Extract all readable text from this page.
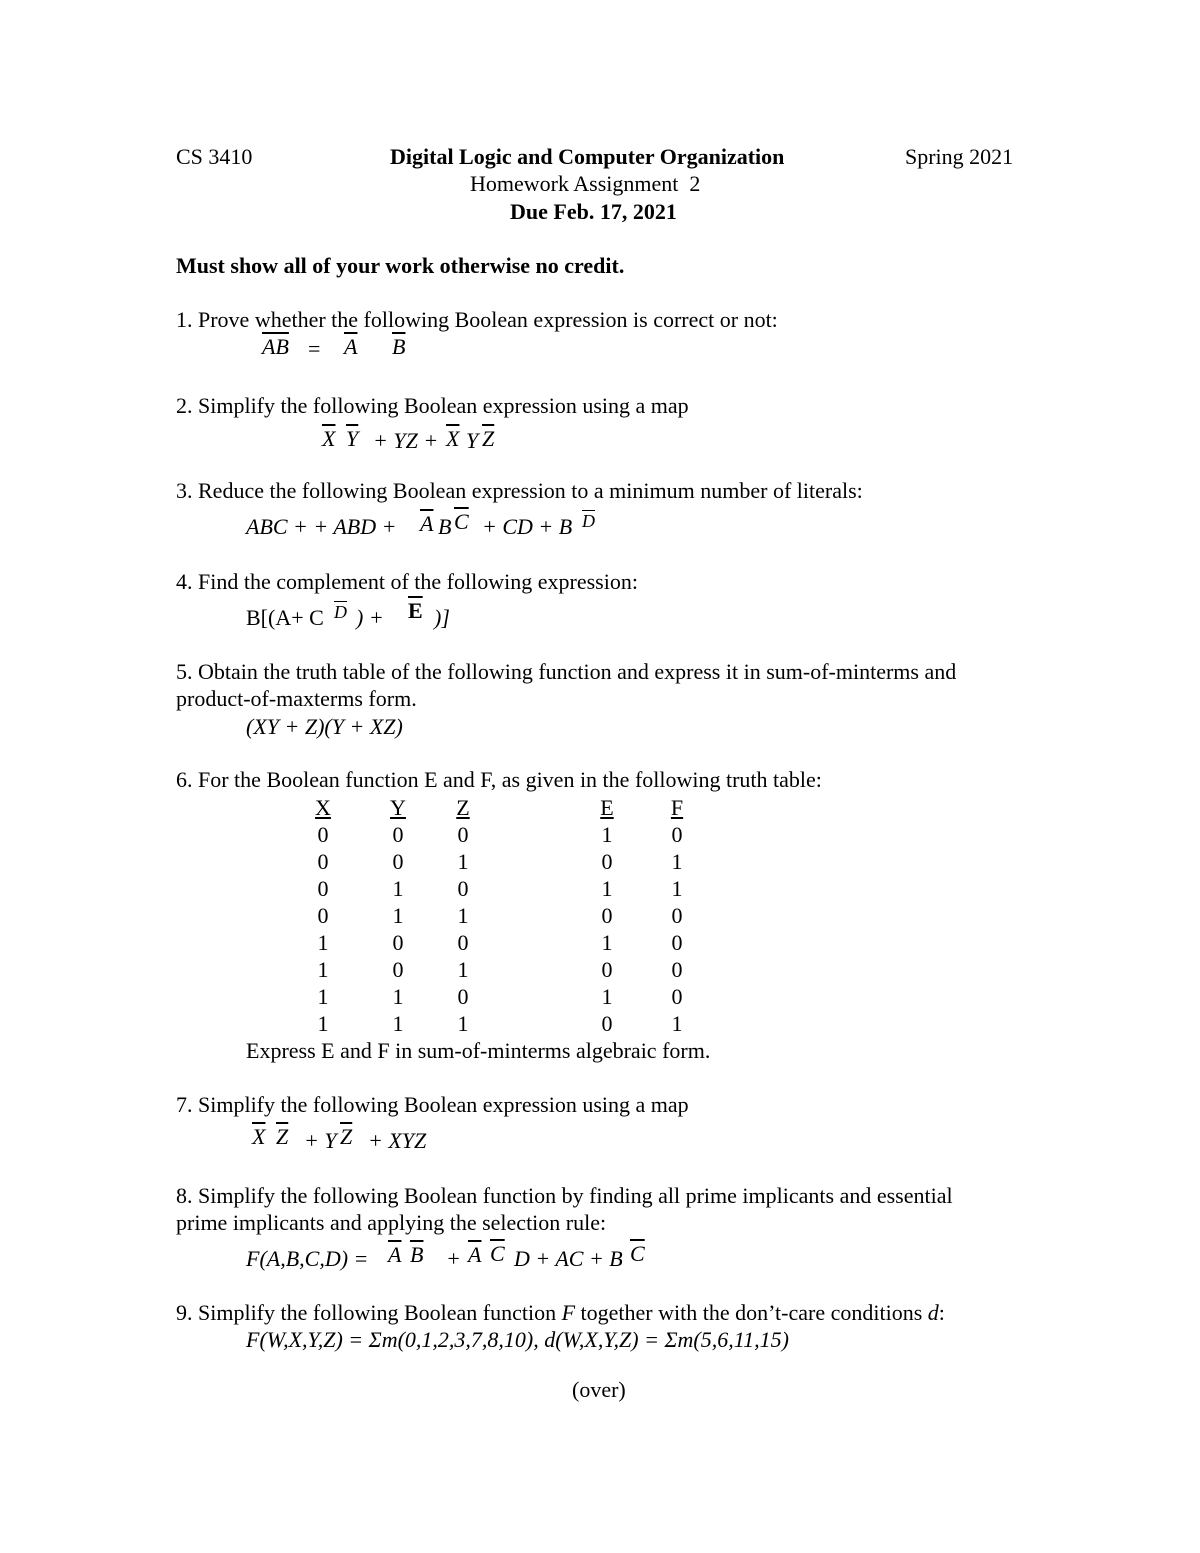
CS 3410	Digital Logic and Computer Organization	Spring 2021
Homework Assignment  2
Due Feb. 17, 2021
Must show all of your work otherwise no credit.
1. Prove whether the following Boolean expression is correct or not:
$\overline{AB} = \overline{A}$ $\overline{B}$
2. Simplify the following Boolean expression using a map
$\overline{X}$ $\overline{Y}$ + YZ + $\overline{X}$ Y $\overline{Z}$
3. Reduce the following Boolean expression to a minimum number of literals:
ABC + + ABD + $\overline{A}$ B $\overline{C}$ + CD + B $\overline{D}$
4. Find the complement of the following expression:
B[(A+ C $\overline{D}$ ) + $\overline{E}$ )]
5. Obtain the truth table of the following function and express it in sum-of-minterms and
product-of-maxterms form.
(XY + Z)(Y + XZ)
6. For the Boolean function E and F, as given in the following truth table:
X	Y	Z	E	F
0	0	0	1	0
0	0	1	0	1
0	1	0	1	1
0	1	1	0	0
1	0	0	1	0
1	0	1	0	0
1	1	0	1	0
1	1	1	0	1
Express E and F in sum-of-minterms algebraic form.
7. Simplify the following Boolean expression using a map
$\overline{X}$ $\overline{Z} + Y$ $\overline{Z}$ + XYZ
8. Simplify the following Boolean function by finding all prime implicants and essential
prime implicants and applying the selection rule:
$F(A,B,C,D) = \overline{A}$ $\overline{B} + \overline{A}$ $\overline{C}$ D + AC + B $\overline{C}$
9. Simplify the following Boolean function F together with the don’t-care conditions d:
F(W,X,Y,Z) = Σm(0,1,2,3,7,8,10), d(W,X,Y,Z) = Σm(5,6,11,15)
(over)
